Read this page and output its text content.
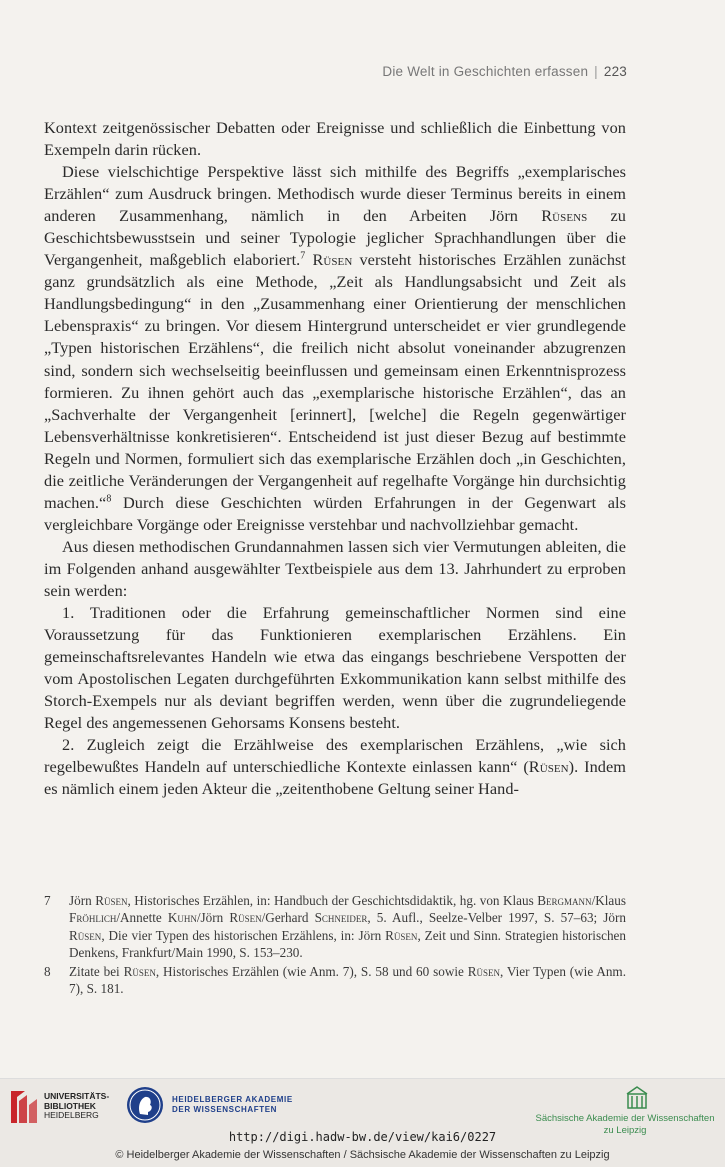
Die Welt in Geschichten erfassen | 223

Kontext zeitgenössischer Debatten oder Ereignisse und schließlich die Einbettung von Exempeln darin rücken.

Diese vielschichtige Perspektive lässt sich mithilfe des Begriffs „exemplarisches Erzählen“ zum Ausdruck bringen. Methodisch wurde dieser Terminus bereits in einem anderen Zusammenhang, nämlich in den Arbeiten Jörn Rüsens zu Geschichtsbewusstsein und seiner Typologie jeglicher Sprachhandlungen über die Vergangenheit, maßgeblich elaboriert.$^7$ Rüsen versteht historisches Erzählen zunächst ganz grundsätzlich als eine Methode, „Zeit als Handlungsabsicht und Zeit als Handlungsbedingung“ in den „Zusammenhang einer Orientierung der menschlichen Lebenspraxis“ zu bringen. Vor diesem Hintergrund unterscheidet er vier grundlegende „Typen historischen Erzählens“, die freilich nicht absolut voneinander abzugrenzen sind, sondern sich wechselseitig beeinflussen und gemeinsam einen Erkenntnisprozess formieren. Zu ihnen gehört auch das „exemplarische historische Erzählen“, das an „Sachverhalte der Vergangenheit [erinnert], [welche] die Regeln gegenwärtiger Lebensverhältnisse konkretisieren“. Entscheidend ist just dieser Bezug auf bestimmte Regeln und Normen, formuliert sich das exemplarische Erzählen doch „in Geschichten, die zeitliche Veränderungen der Vergangenheit auf regelhafte Vorgänge hin durchsichtig machen.“$^8$ Durch diese Geschichten würden Erfahrungen in der Gegenwart als vergleichbare Vorgänge oder Ereignisse verstehbar und nachvollziehbar gemacht.

Aus diesen methodischen Grundannahmen lassen sich vier Vermutungen ableiten, die im Folgenden anhand ausgewählter Textbeispiele aus dem 13. Jahrhundert zu erproben sein werden:

1. Traditionen oder die Erfahrung gemeinschaftlicher Normen sind eine Voraussetzung für das Funktionieren exemplarischen Erzählens. Ein gemeinschaftsrelevantes Handeln wie etwa das eingangs beschriebene Verspotten der vom Apostolischen Legaten durchgeführten Exkommunikation kann selbst mithilfe des Storch-Exempels nur als deviant begriffen werden, wenn über die zugrundeliegende Regel des angemessenen Gehorsams Konsens besteht.

2. Zugleich zeigt die Erzählweise des exemplarischen Erzählens, „wie sich regelbewußtes Handeln auf unterschiedliche Kontexte einlassen kann“ (Rüsen). Indem es nämlich einem jeden Akteur die „zeitenthobene Geltung seiner Hand-

7	Jörn Rüsen, Historisches Erzählen, in: Handbuch der Geschichtsdidaktik, hg. von Klaus Bergmann/Klaus Fröhlich/Annette Kuhn/Jörn Rüsen/Gerhard Schneider, 5. Aufl., Seelze-Velber 1997, S. 57–63; Jörn Rüsen, Die vier Typen des historischen Erzählens, in: Jörn Rüsen, Zeit und Sinn. Strategien historischen Denkens, Frankfurt/Main 1990, S. 153–230.
8	Zitate bei Rüsen, Historisches Erzählen (wie Anm. 7), S. 58 und 60 sowie Rüsen, Vier Typen (wie Anm. 7), S. 181.
UNIVERSITÄTS-
BIBLIOTHEK
HEIDELBERG
HEIDELBERGER AKADEMIE
DER WISSENSCHAFTEN
Sächsische Akademie der Wissenschaften
zu Leipzig
http://digi.hadw-bw.de/view/kai6/0227
© Heidelberger Akademie der Wissenschaften / Sächsische Akademie der Wissenschaften zu Leipzig
